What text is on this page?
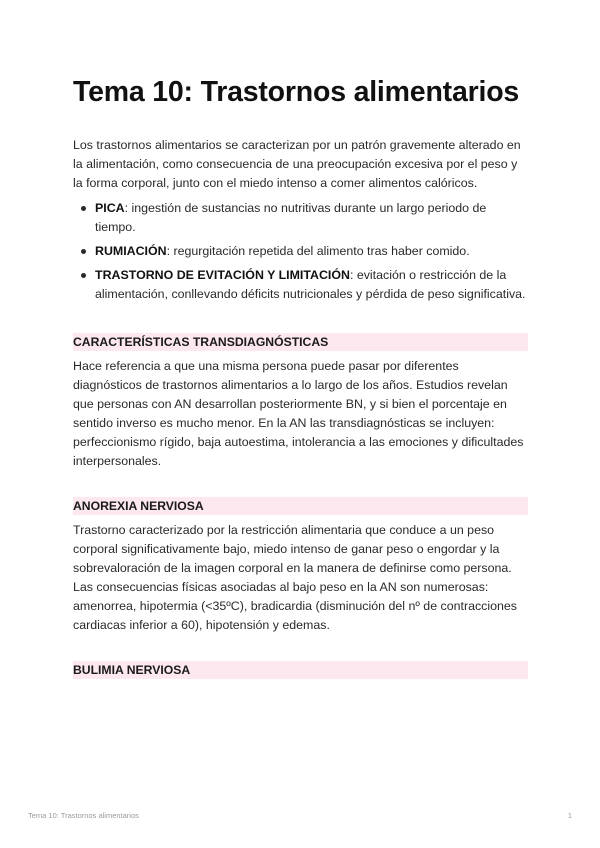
Tema 10: Trastornos alimentarios

Los trastornos alimentarios se caracterizan por un patrón gravemente alterado en la alimentación, como consecuencia de una preocupación excesiva por el peso y la forma corporal, junto con el miedo intenso a comer alimentos calóricos.

PICA: ingestión de sustancias no nutritivas durante un largo periodo de tiempo.
RUMIACIÓN: regurgitación repetida del alimento tras haber comido.
TRASTORNO DE EVITACIÓN Y LIMITACIÓN: evitación o restricción de la alimentación, conllevando déficits nutricionales y pérdida de peso significativa.
CARACTERÍSTICAS TRANSDIAGNÓSTICAS

Hace referencia a que una misma persona puede pasar por diferentes diagnósticos de trastornos alimentarios a lo largo de los años. Estudios revelan que personas con AN desarrollan posteriormente BN, y si bien el porcentaje en sentido inverso es mucho menor. En la AN las transdiagnósticas se incluyen: perfeccionismo rígido, baja autoestima, intolerancia a las emociones y dificultades interpersonales.

ANOREXIA NERVIOSA

Trastorno caracterizado por la restricción alimentaria que conduce a un peso corporal significativamente bajo, miedo intenso de ganar peso o engordar y la sobrevaloración de la imagen corporal en la manera de definirse como persona. Las consecuencias físicas asociadas al bajo peso en la AN son numerosas: amenorrea, hipotermia (<35ºC), bradicardia (disminución del nº de contracciones cardiacas inferior a 60), hipotensión y edemas.

BULIMIA NERVIOSA
Tema 10: Trastornos alimentarios	1
